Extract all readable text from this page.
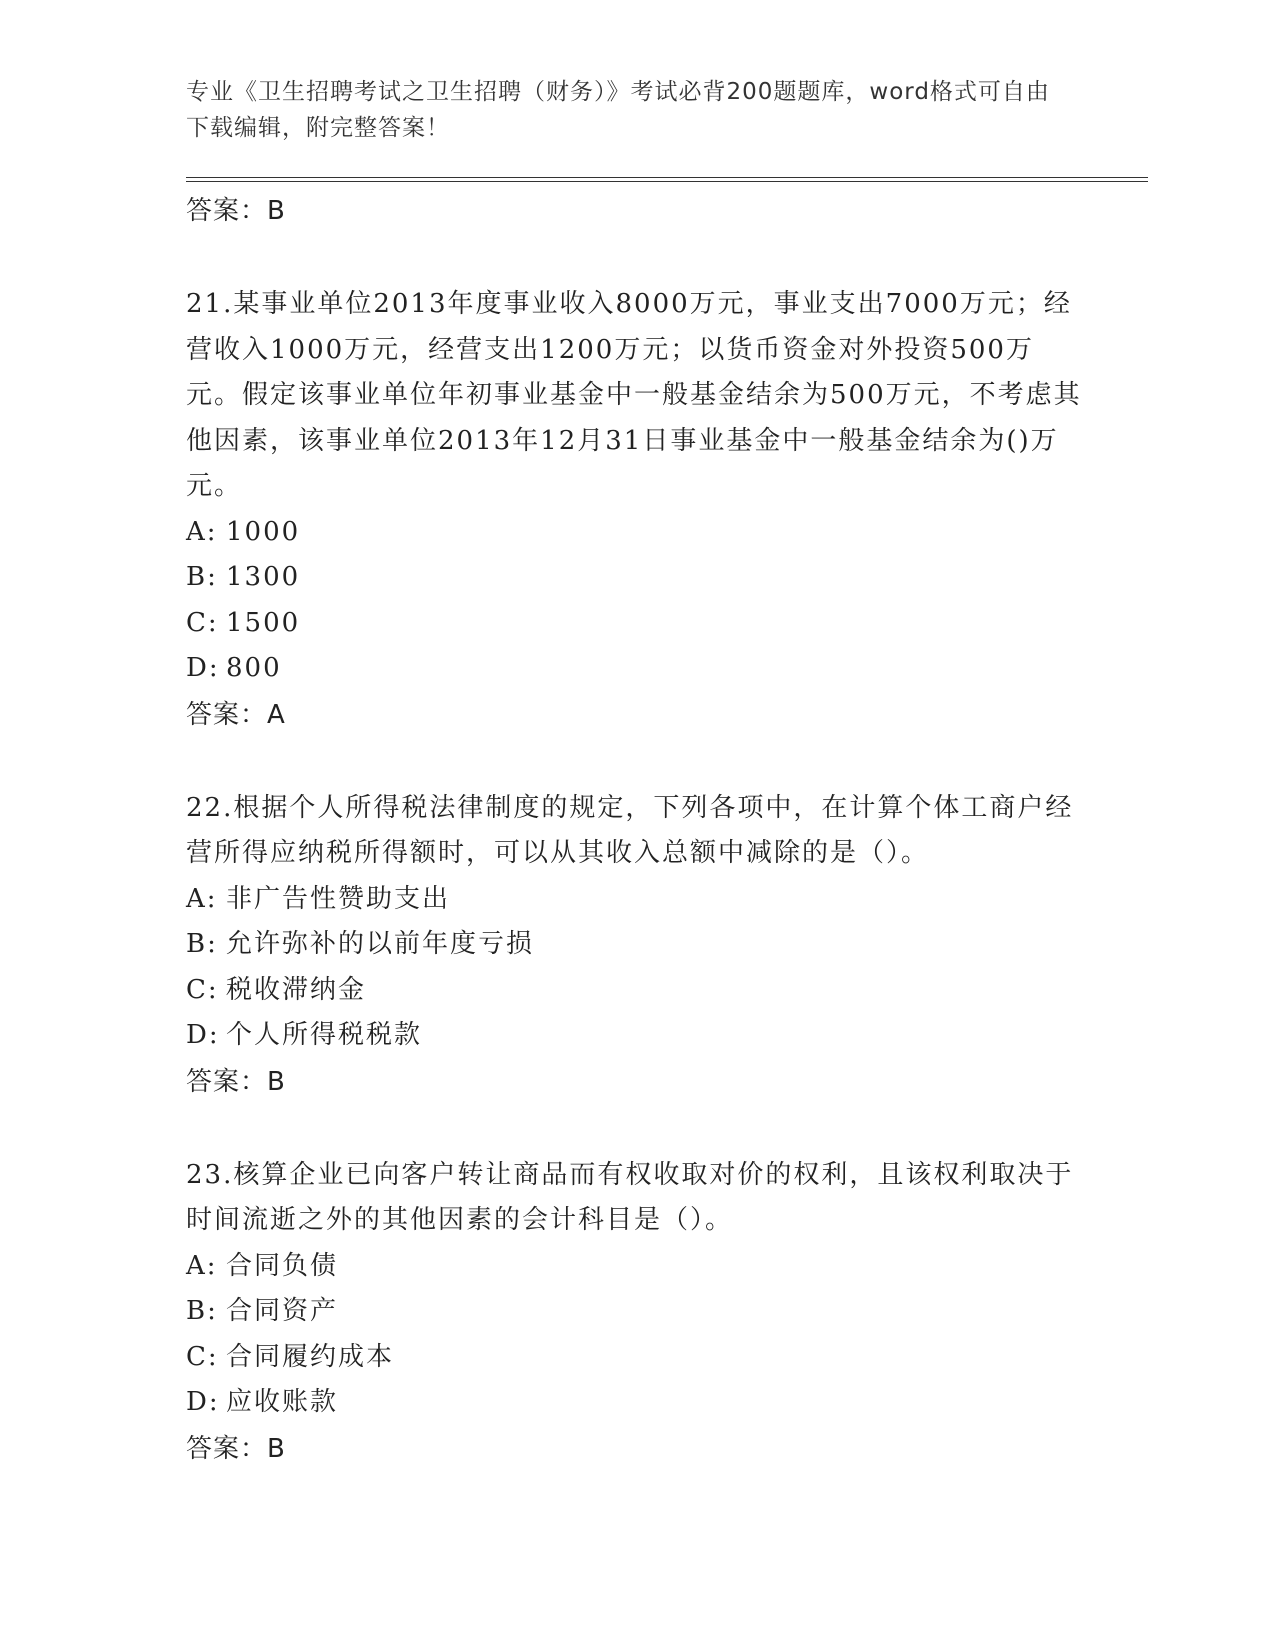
专业《卫生招聘考试之卫生招聘（财务）》考试必背200题题库，word格式可自由下载编辑，附完整答案！

答案：B

21.某事业单位2013年度事业收入8000万元，事业支出7000万元；经营收入1000万元，经营支出1200万元；以货币资金对外投资500万元。假定该事业单位年初事业基金中一般基金结余为500万元，不考虑其他因素，该事业单位2013年12月31日事业基金中一般基金结余为()万元。

A: 1000

B: 1300

C: 1500

D: 800

答案：A

22.根据个人所得税法律制度的规定，下列各项中，在计算个体工商户经营所得应纳税所得额时，可以从其收入总额中减除的是（）。

A: 非广告性赞助支出

B: 允许弥补的以前年度亏损

C: 税收滞纳金

D: 个人所得税税款

答案：B

23.核算企业已向客户转让商品而有权收取对价的权利，且该权利取决于时间流逝之外的其他因素的会计科目是（）。

A: 合同负债

B: 合同资产

C: 合同履约成本

D: 应收账款

答案：B
